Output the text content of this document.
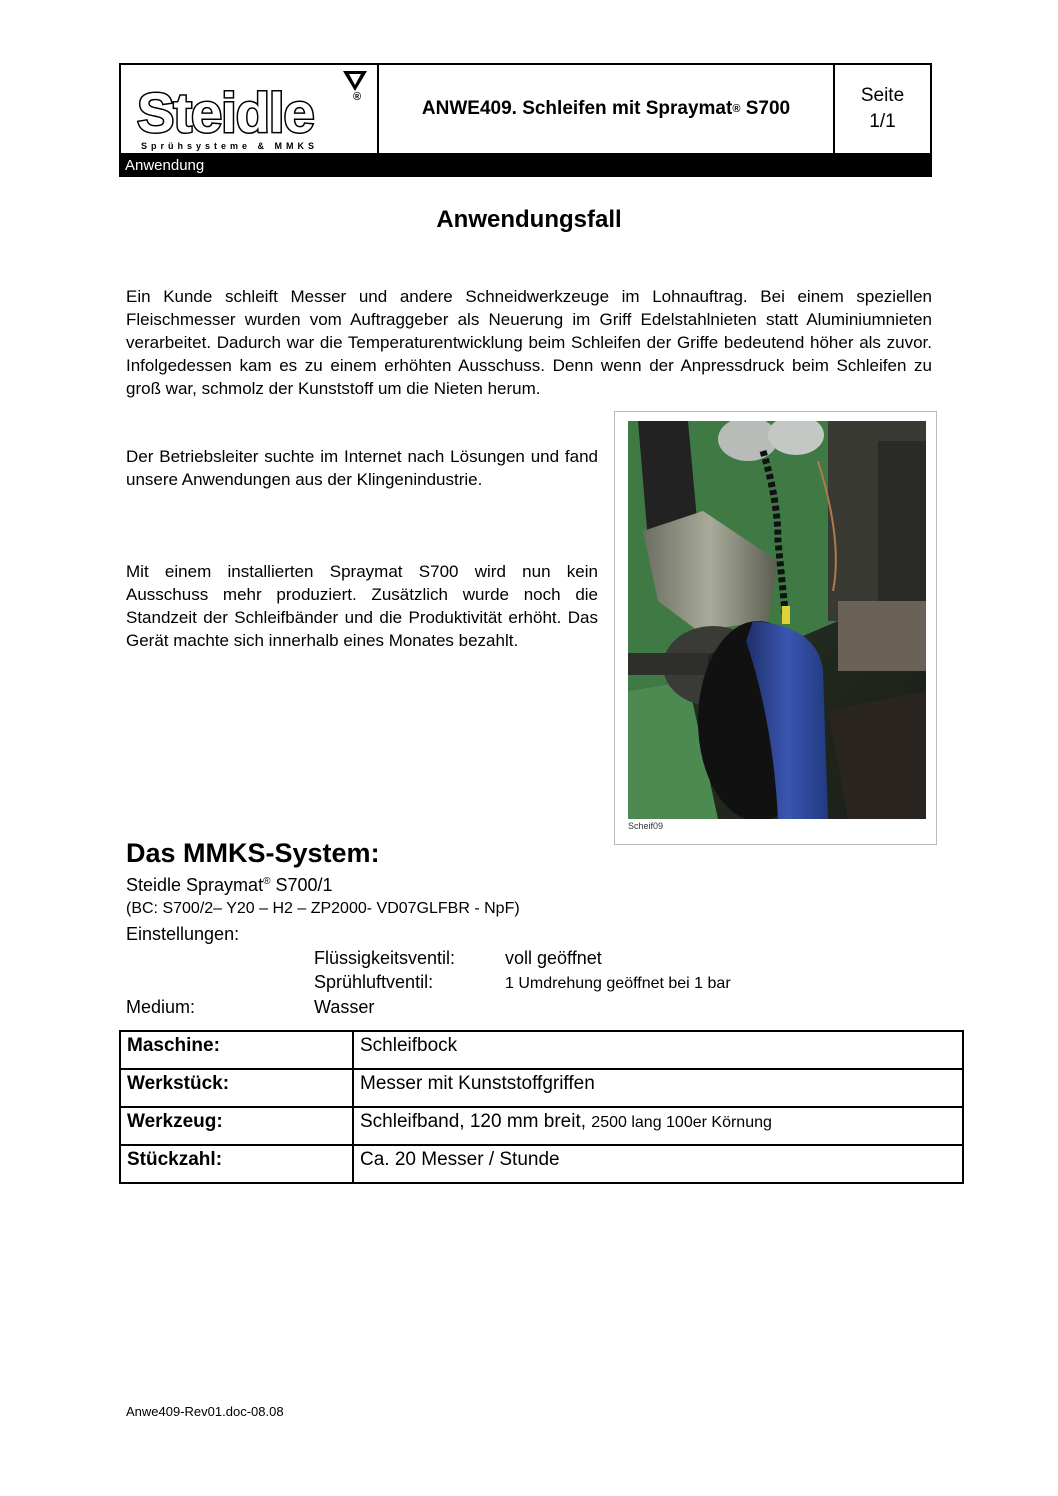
Steidle	®
Sprühsysteme & MMKS
ANWE409. Schleifen mit Spraymat ® S700
Seite
1/1
Anwendung
Anwendungsfall
Ein Kunde schleift Messer und andere Schneidwerkzeuge im Lohnauftrag. Bei einem speziellen Fleischmesser wurden vom Auftraggeber als Neuerung im Griff Edelstahlnieten statt Aluminiumnieten verarbeitet. Dadurch war die Temperaturentwicklung beim Schleifen der Griffe bedeutend höher als zuvor. Infolgedessen kam es zu einem erhöhten Ausschuss. Denn wenn der Anpressdruck beim Schleifen zu groß war, schmolz der Kunststoff um die Nieten herum.
Der Betriebsleiter suchte im Internet nach Lösungen und fand unsere Anwendungen aus der Klingenindustrie.
Mit einem installierten Spraymat S700 wird nun kein Ausschuss mehr produziert. Zusätzlich wurde noch die Standzeit der Schleifbänder und die Produktivität erhöht. Das Gerät machte sich innerhalb eines Monates bezahlt.
Scheif09
Das MMKS-System:
Steidle Spraymat® S700/1
(BC: S700/2– Y20 – H2 – ZP2000- VD07GLFBR - NpF)
Einstellungen:
Flüssigkeitsventil:	voll geöffnet
Sprühluftventil:	1 Umdrehung geöffnet bei 1 bar
Medium:	Wasser
Maschine:	Schleifbock
Werkstück:	Messer mit Kunststoffgriffen
Werkzeug:	Schleifband, 120 mm breit, 2500 lang 100er Körnung
Stückzahl:	Ca. 20 Messer / Stunde
Anwe409-Rev01.doc-08.08
